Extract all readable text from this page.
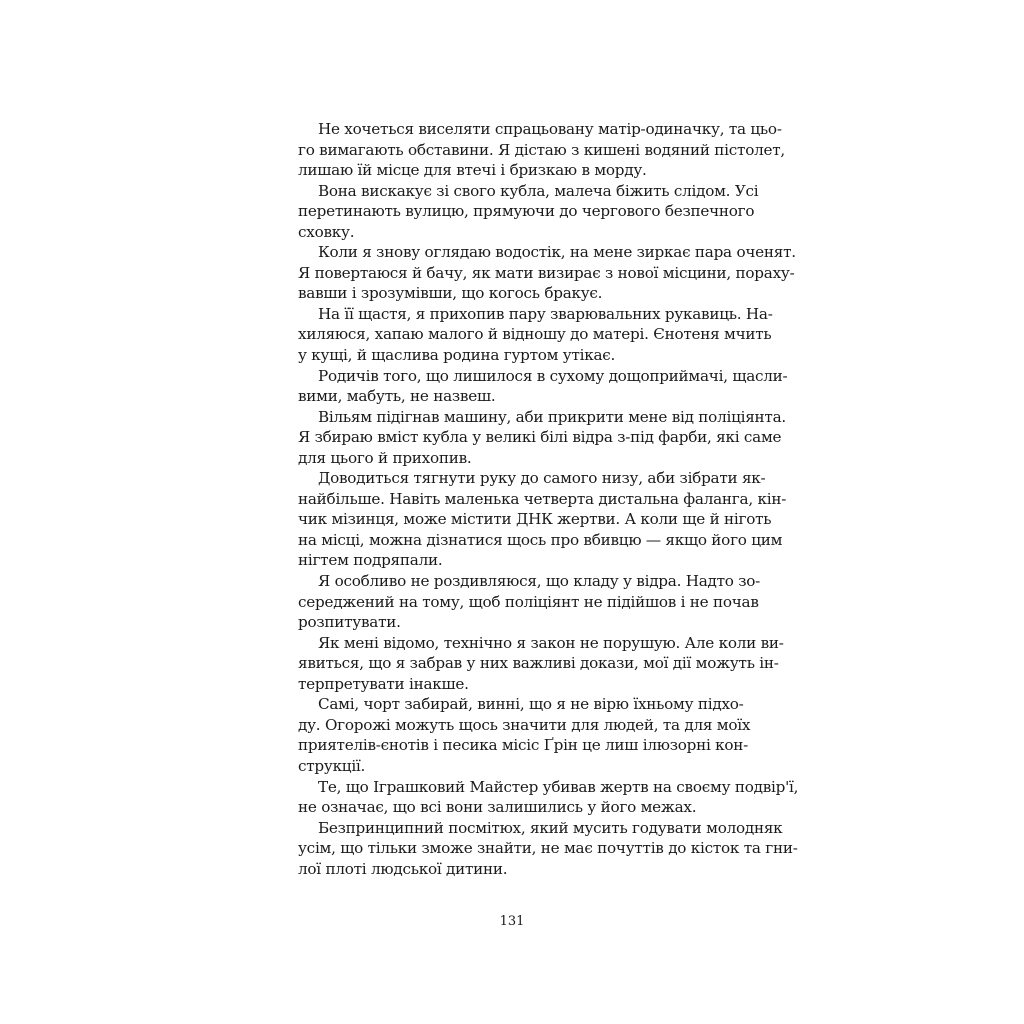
Не хочеться виселяти спрацьовану матір-одиначку, та цьо-
го вимагають обставини. Я дістаю з кишені водяний пістолет,
лишаю їй місце для втечі і бризкаю в морду.
Вона вискакує зі свого кубла, малеча біжить слідом. Усі
перетинають вулицю, прямуючи до чергового безпечного
сховку.
Коли я знову оглядаю водостік, на мене зиркає пара оченят.
Я повертаюся й бачу, як мати визирає з нової місцини, пораху-
вавши і зрозумівши, що когось бракує.
На її щастя, я прихопив пару зварювальних рукавиць. На-
хиляюся, хапаю малого й відношу до матері. Єнотеня мчить
у кущі, й щаслива родина гуртом утікає.
Родичів того, що лишилося в сухому дощоприймачі, щасли-
вими, мабуть, не назвеш.
Вільям підігнав машину, аби прикрити мене від поліціянта.
Я збираю вміст кубла у великі білі відра з-під фарби, які саме
для цього й прихопив.
Доводиться тягнути руку до самого низу, аби зібрати як-
найбільше. Навіть маленька четверта дистальна фаланга, кін-
чик мізинця, може містити ДНК жертви. А коли ще й ніготь
на місці, можна дізнатися щось про вбивцю — якщо його цим
нігтем подряпали.
Я особливо не роздивляюся, що кладу у відра. Надто зо-
середжений на тому, щоб поліціянт не підійшов і не почав
розпитувати.
Як мені відомо, технічно я закон не порушую. Але коли ви-
явиться, що я забрав у них важливі докази, мої дії можуть ін-
терпретувати інакше.
Самі, чорт забирай, винні, що я не вірю їхньому підхо-
ду. Огорожі можуть щось значити для людей, та для моїх
приятелів-єнотів і песика місіс Ґрін це лиш ілюзорні кон-
струкції.
Те, що Іграшковий Майстер убивав жертв на своєму подвір'ї,
не означає, що всі вони залишились у його межах.
Безпринципний посмітюх, який мусить годувати молодняк
усім, що тільки зможе знайти, не має почуттів до кісток та гни-
лої плоті людської дитини.
131
